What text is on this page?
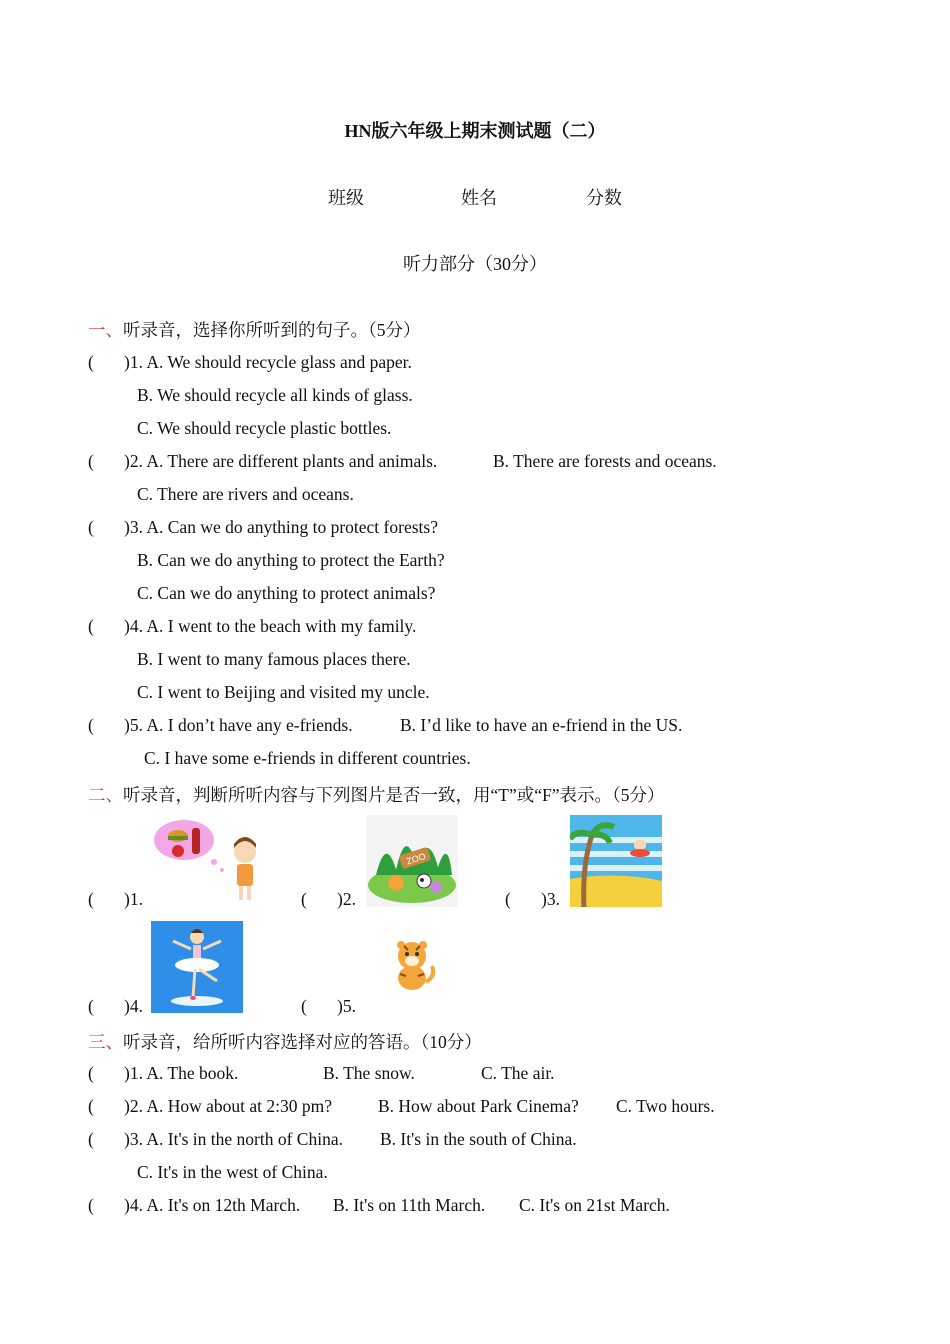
HN版六年级上期末测试题（二）
班级	姓名	分数
听力部分（30分）
一、听录音，选择你所听到的句子。（5分）
( )1. A. We should recycle glass and paper.
B. We should recycle all kinds of glass.
C. We should recycle plastic bottles.
( )2. A. There are different plants and animals.	B. There are forests and oceans.
C. There are rivers and oceans.
( )3. A. Can we do anything to protect forests?
B. Can we do anything to protect the Earth?
C. Can we do anything to protect animals?
( )4. A. I went to the beach with my family.
B. I went to many famous places there.
C. I went to Beijing and visited my uncle.
( )5. A. I don’t have any e-friends.	B. I’d like to have an e-friend in the US.
C. I have some e-friends in different countries.
二、听录音，判断所听内容与下列图片是否一致，用“T”或“F”表示。（5分）
ZOO
( )1.	( )2.	( )3.
( )4.	( )5.
三、听录音，给所听内容选择对应的答语。（10分）
( )1. A. The book.	B. The snow.	C. The air.
( )2. A. How about at 2:30 pm?	B. How about Park Cinema? C. Two hours.
( )3. A. It's in the north of China. B. It's in the south of China.
C. It's in the west of China.
( )4. A. It's on 12th March. B. It's on 11th March. C. It's on 21st March.
